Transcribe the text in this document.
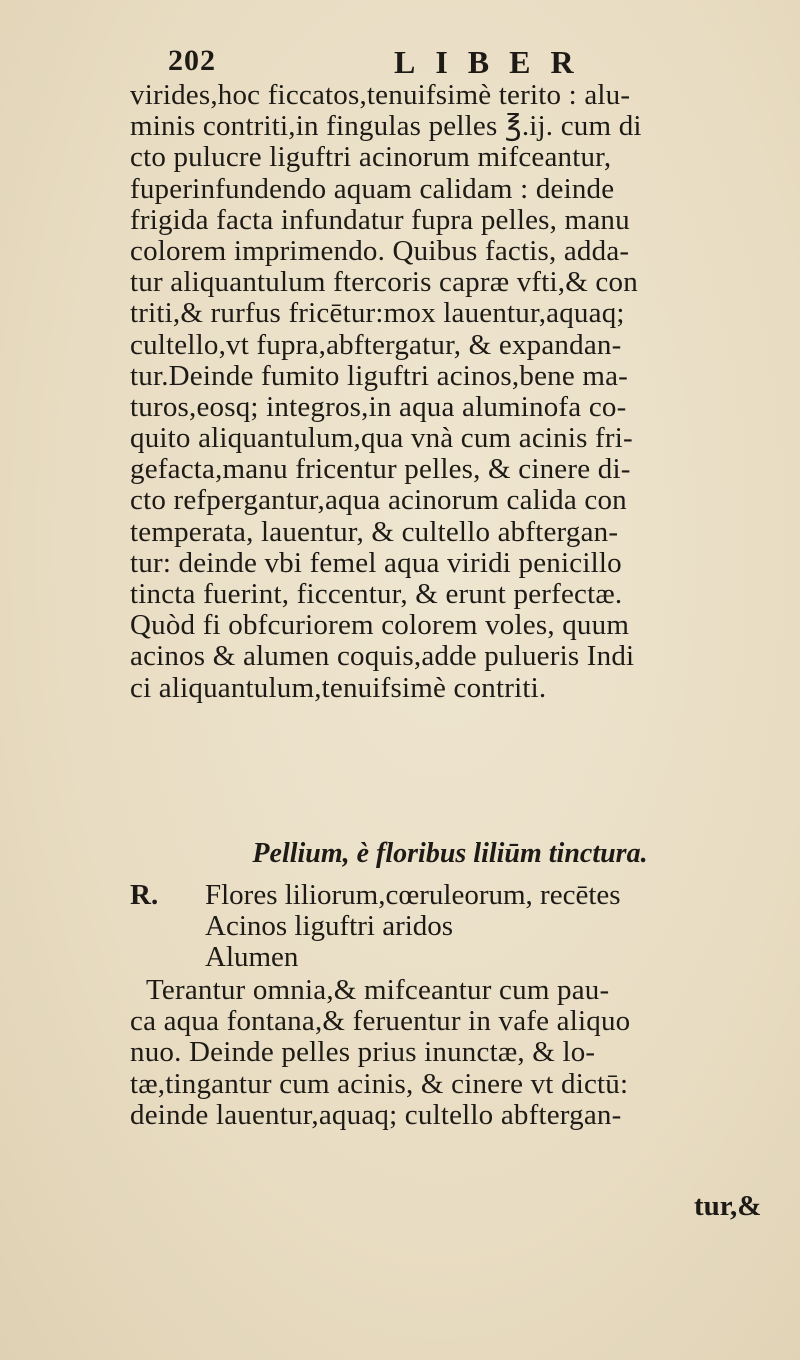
202	LIBER
virides,hoc ficcatos,tenuifsimè terito : alu-
minis contriti,in fingulas pelles ℥.ij. cum di
cto pulucre liguftri acinorum mifceantur,
fuperinfundendo aquam calidam : deinde
frigida facta infundatur fupra pelles, manu
colorem imprimendo. Quibus factis, adda-
tur aliquantulum ftercoris capræ vfti,& con
triti,& rurfus fricētur:mox lauentur,aquaq;
cultello,vt fupra,abftergatur, & expandan-
tur.Deinde fumito liguftri acinos,bene ma-
turos,eosq; integros,in aqua aluminofa co-
quito aliquantulum,qua vnà cum acinis fri-
gefacta,manu fricentur pelles, & cinere di-
cto refpergantur,aqua acinorum calida con
temperata, lauentur, & cultello abftergan-
tur: deinde vbi femel aqua viridi penicillo
tincta fuerint, ficcentur, & erunt perfectæ.
Quòd fi obfcuriorem colorem voles, quum
acinos & alumen coquis,adde pulueris Indi
ci aliquantulum,tenuifsimè contriti.
Pellium, è floribus liliūm tinctura.
R. Flores liliorum,cœruleorum, recētes
Acinos liguftri aridos
Alumen
Terantur omnia,& mifceantur cum pau-
ca aqua fontana,& feruentur in vafe aliquo
nuo. Deinde pelles prius inunctæ, & lo-
tæ,tingantur cum acinis, & cinere vt dictū:
deinde lauentur,aquaq; cultello abftergan-
tur,&
